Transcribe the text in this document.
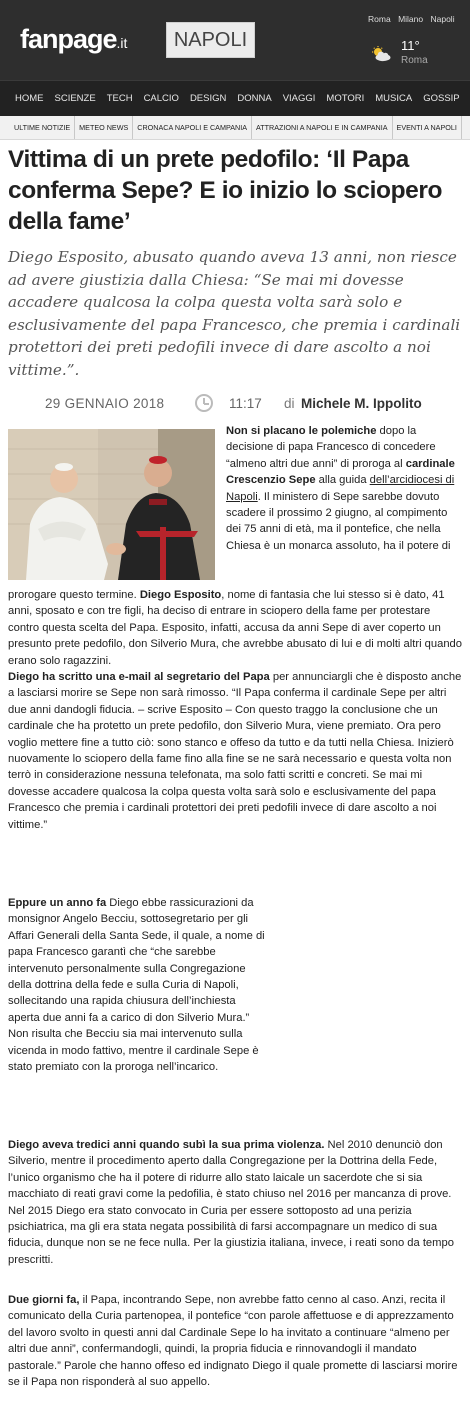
fanpage.it	NAPOLI
Roma Milano Napoli
11°
Roma
HOME SCIENZE TECH CALCIO DESIGN DONNA VIAGGI MOTORI MUSICA GOSSIP
ULTIME NOTIZIE METEO NEWS CRONACA NAPOLI E CAMPANIA ATTRAZIONI A NAPOLI E IN CAMPANIA EVENTI A NAPOLI
Vittima di un prete pedofilo: ‘Il Papa conferma Sepe? E io inizio lo sciopero della fame’

Diego Esposito, abusato quando aveva 13 anni, non riesce ad avere giustizia dalla Chiesa: “Se mai mi dovesse accadere qualcosa la colpa questa volta sarà solo e esclusivamente del papa Francesco, che premia i cardinali protettori dei preti pedofili invece di dare ascolto a noi vittime.”.

29 GENNAIO 2018	11:17 di Michele M. Ippolito
Non si placano le polemiche dopo la decisione di papa Francesco di concedere “almeno altri due anni” di proroga al cardinale Crescenzio Sepe alla guida dell’arcidiocesi di Napoli. Il ministero di Sepe sarebbe dovuto scadere il prossimo 2 giugno, al compimento dei 75 anni di età, ma il pontefice, che nella Chiesa è un monarca assoluto, ha il potere di
prorogare questo termine. Diego Esposito, nome di fantasia che lui stesso si è dato, 41 anni, sposato e con tre figli, ha deciso di entrare in sciopero della fame per protestare contro questa scelta del Papa. Esposito, infatti, accusa da anni Sepe di aver coperto un presunto prete pedofilo, don Silverio Mura, che avrebbe abusato di lui e di molti altri quando erano solo ragazzini.
Diego ha scritto una e-mail al segretario del Papa per annunciargli che è disposto anche a lasciarsi morire se Sepe non sarà rimosso. “Il Papa conferma il cardinale Sepe per altri due anni dandogli fiducia. – scrive Esposito – Con questo traggo la conclusione che un cardinale che ha protetto un prete pedofilo, don Silverio Mura, viene premiato. Ora pero voglio mettere fine a tutto ciò: sono stanco e offeso da tutto e da tutti nella Chiesa. Inizierò nuovamente lo sciopero della fame fino alla fine se ne sarà necessario e questa volta non terrò in considerazione nessuna telefonata, ma solo fatti scritti e concreti. Se mai mi dovesse accadere qualcosa la colpa questa volta sarà solo e esclusivamente del papa Francesco che premia i cardinali protettori dei preti pedofili invece di dare ascolto a noi vittime.”
Eppure un anno fa Diego ebbe rassicurazioni da monsignor Angelo Becciu, sottosegretario per gli Affari Generali della Santa Sede, il quale, a nome di papa Francesco garantì che “che sarebbe intervenuto personalmente sulla Congregazione della dottrina della fede e sulla Curia di Napoli, sollecitando una rapida chiusura dell’inchiesta aperta due anni fa a carico di don Silverio Mura.” Non risulta che Becciu sia mai intervenuto sulla vicenda in modo fattivo, mentre il cardinale Sepe è stato premiato con la proroga nell’incarico.
Diego aveva tredici anni quando subì la sua prima violenza. Nel 2010 denunciò don Silverio, mentre il procedimento aperto dalla Congregazione per la Dottrina della Fede, l’unico organismo che ha il potere di ridurre allo stato laicale un sacerdote che si sia macchiato di reati gravi come la pedofilia, è stato chiuso nel 2016 per mancanza di prove. Nel 2015 Diego era stato convocato in Curia per essere sottoposto ad una perizia psichiatrica, ma gli era stata negata possibilità di farsi accompagnare un medico di sua fiducia, dunque non se ne fece nulla. Per la giustizia italiana, invece, i reati sono da tempo prescritti.
Due giorni fa, il Papa, incontrando Sepe, non avrebbe fatto cenno al caso. Anzi, recita il comunicato della Curia partenopea, il pontefice “con parole affettuose e di apprezzamento del lavoro svolto in questi anni dal Cardinale Sepe lo ha invitato a continuare “almeno per altri due anni”, confermandogli, quindi, la propria fiducia e rinnovandogli il mandato pastorale.” Parole che hanno offeso ed indignato Diego il quale promette di lasciarsi morire se il Papa non risponderà al suo appello.
